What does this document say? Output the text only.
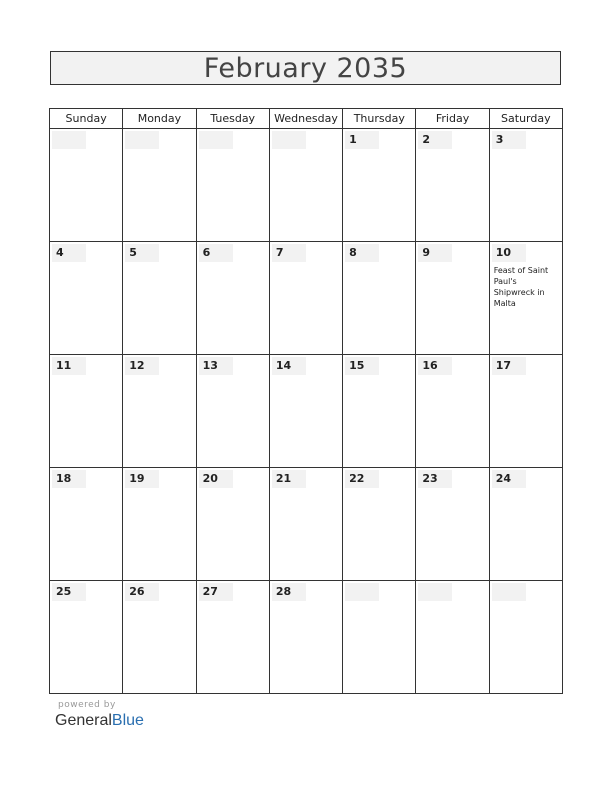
February 2035
Sunday	Monday	Tuesday	Wednesday	Thursday	Friday	Saturday

				1	2	3

4	5	6	7	8	9	10
Feast of Saint Paul's Shipwreck in Malta

11	12	13	14	15	16	17

18	19	20	21	22	23	24

25	26	27	28			

powered by
GeneralBlue
